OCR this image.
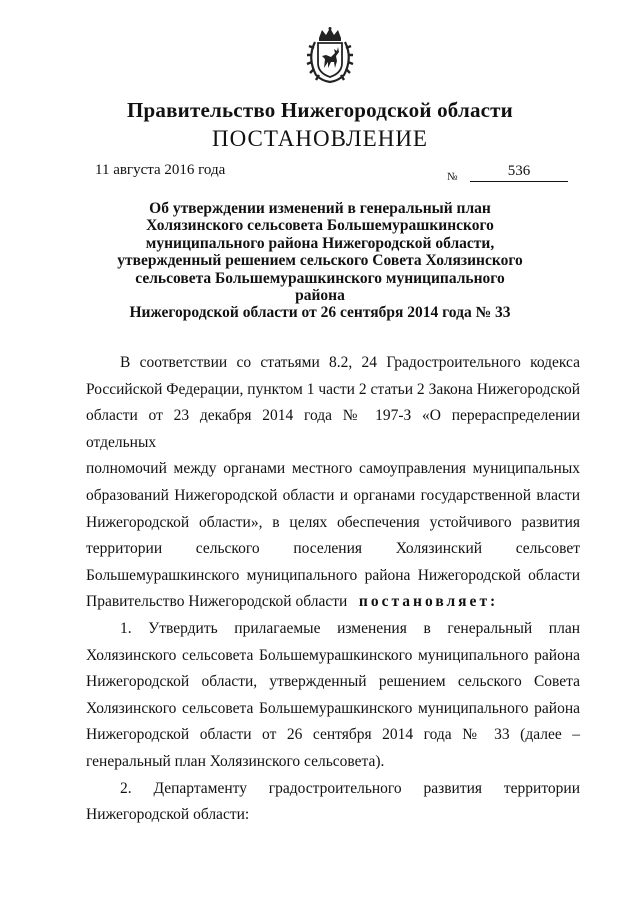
Правительство Нижегородской области
ПОСТАНОВЛЕНИЕ
11 августа 2016 года	№	536
Об утверждении изменений в генеральный план
Холязинского сельсовета Большемурашкинского
муниципального района Нижегородской области,
утвержденный решением сельского Совета Холязинского
сельсовета Большемурашкинского муниципального района
Нижегородской области от 26 сентября 2014 года № 33

В соответствии со статьями 8.2, 24 Градостроительного кодекса
Российской Федерации, пунктом 1 части 2 статьи 2 Закона Нижегородской
области от 23 декабря 2014 года № 197-З «О перераспределении отдельных
полномочий между органами местного самоуправления муниципальных
образований Нижегородской области и органами государственной власти
Нижегородской области», в целях обеспечения устойчивого развития
территории сельского поселения Холязинский сельсовет
Большемурашкинского муниципального района Нижегородской области
Правительство Нижегородской области постановляет:

1. Утвердить прилагаемые изменения в генеральный план
Холязинского сельсовета Большемурашкинского муниципального района
Нижегородской области, утвержденный решением сельского Совета
Холязинского сельсовета Большемурашкинского муниципального района
Нижегородской области от 26 сентября 2014 года № 33 (далее –
генеральный план Холязинского сельсовета).

2. Департаменту градостроительного развития территории
Нижегородской области:
